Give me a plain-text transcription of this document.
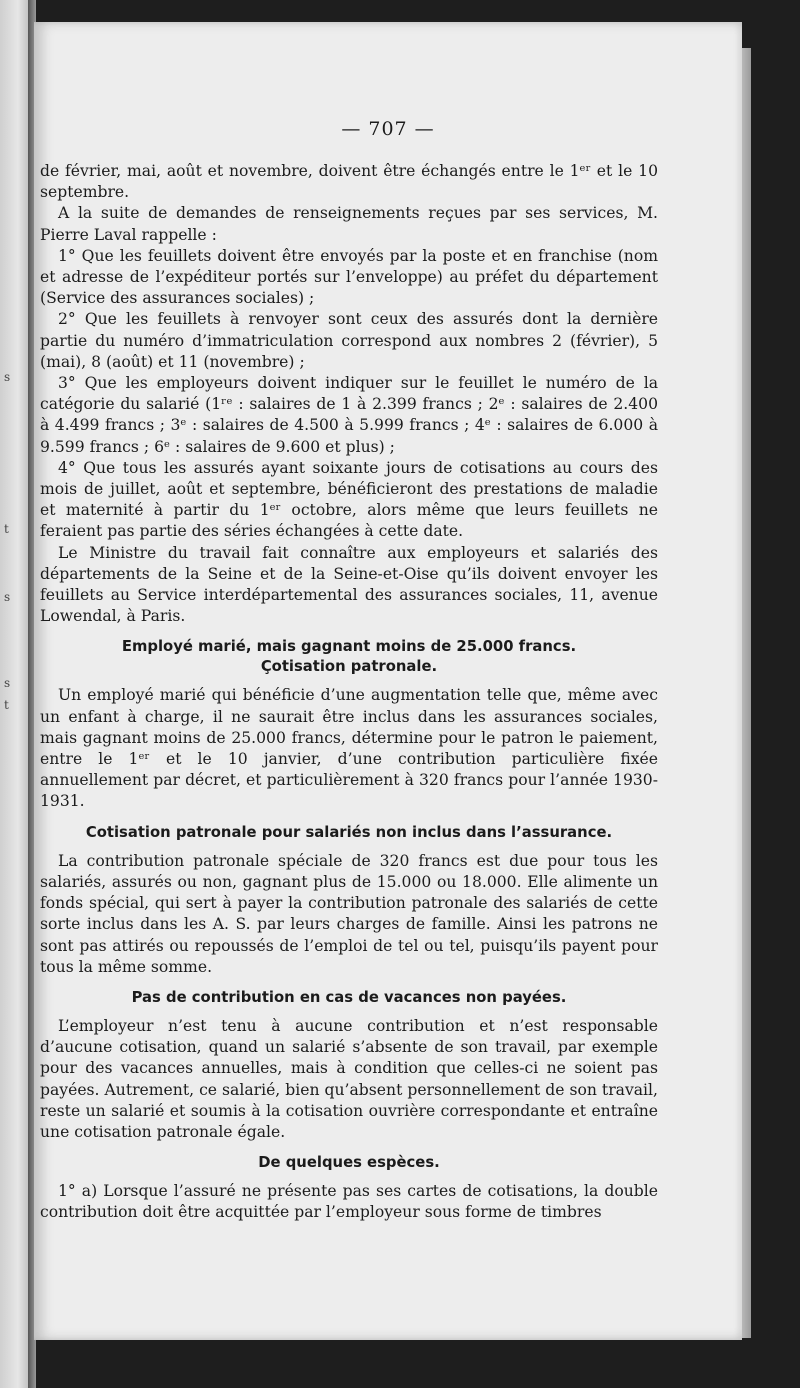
s
t
s
s
t
— 707 —

de février, mai, août et novembre, doivent être échangés entre le 1ᵉʳ et le 10 septembre.

A la suite de demandes de renseignements reçues par ses services, M. Pierre Laval rappelle :

1° Que les feuillets doivent être envoyés par la poste et en franchise (nom et adresse de l’expéditeur portés sur l’enveloppe) au préfet du département (Service des assurances sociales) ;

2° Que les feuillets à renvoyer sont ceux des assurés dont la dernière partie du numéro d’immatriculation correspond aux nombres 2 (février), 5 (mai), 8 (août) et 11 (novembre) ;

3° Que les employeurs doivent indiquer sur le feuillet le numéro de la catégorie du salarié (1ʳᵉ : salaires de 1 à 2.399 francs ; 2ᵉ : salaires de 2.400 à 4.499 francs ; 3ᵉ : salaires de 4.500 à 5.999 francs ; 4ᵉ : salaires de 6.000 à 9.599 francs ; 6ᵉ : salaires de 9.600 et plus) ;

4° Que tous les assurés ayant soixante jours de cotisations au cours des mois de juillet, août et septembre, bénéficieront des prestations de maladie et maternité à partir du 1ᵉʳ octobre, alors même que leurs feuillets ne feraient pas partie des séries échangées à cette date.

Le Ministre du travail fait connaître aux employeurs et salariés des départements de la Seine et de la Seine-et-Oise qu’ils doivent envoyer les feuillets au Service interdépartemental des assurances sociales, 11, avenue Lowendal, à Paris.

Employé marié, mais gagnant moins de 25.000 francs.
Çotisation patronale.

Un employé marié qui bénéficie d’une augmentation telle que, même avec un enfant à charge, il ne saurait être inclus dans les assurances sociales, mais gagnant moins de 25.000 francs, détermine pour le patron le paiement, entre le 1ᵉʳ et le 10 janvier, d’une contribution particulière fixée annuellement par décret, et particulièrement à 320 francs pour l’année 1930-1931.

Cotisation patronale pour salariés non inclus dans l’assurance.

La contribution patronale spéciale de 320 francs est due pour tous les salariés, assurés ou non, gagnant plus de 15.000 ou 18.000. Elle alimente un fonds spécial, qui sert à payer la contribution patronale des salariés de cette sorte inclus dans les A. S. par leurs charges de famille. Ainsi les patrons ne sont pas attirés ou repoussés de l’emploi de tel ou tel, puisqu’ils payent pour tous la même somme.

Pas de contribution en cas de vacances non payées.

L’employeur n’est tenu à aucune contribution et n’est responsable d’aucune cotisation, quand un salarié s’absente de son travail, par exemple pour des vacances annuelles, mais à condition que celles-ci ne soient pas payées. Autrement, ce salarié, bien qu’absent personnellement de son travail, reste un salarié et soumis à la cotisation ouvrière correspondante et entraîne une cotisation patronale égale.

De quelques espèces.

1° a) Lorsque l’assuré ne présente pas ses cartes de cotisations, la double contribution doit être acquittée par l’employeur sous forme de timbres
